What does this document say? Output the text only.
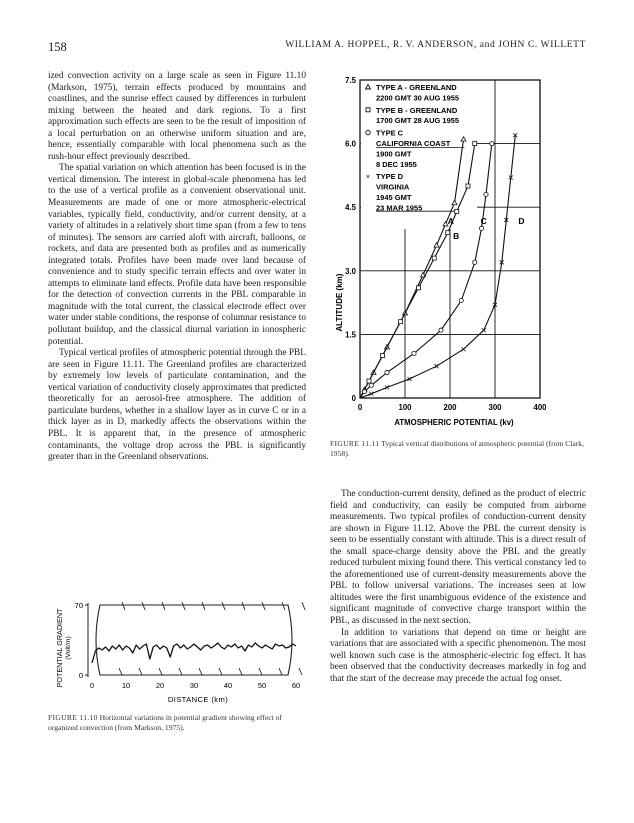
158	WILLIAM A. HOPPEL, R. V. ANDERSON, and JOHN C. WILLETT

ized convection activity on a large scale as seen in Figure 11.10 (Markson, 1975), terrain effects produced by mountains and coastlines, and the sunrise effect caused by differences in turbulent mixing between the heated and dark regions. To a first approximation such effects are seen to be the result of imposition of a local perturbation on an otherwise uniform situation and are, hence, essentially comparable with local phenomena such as the rush-hour effect previously described.

The spatial variation on which attention has been focused is in the vertical dimension. The interest in global-scale phenomena has led to the use of a vertical profile as a convenient observational unit. Measurements are made of one or more atmospheric-electrical variables, typically field, conductivity, and/or current density, at a variety of altitudes in a relatively short time span (from a few to tens of minutes). The sensors are carried aloft with aircraft, balloons, or rockets, and data are presented both as profiles and as numerically integrated totals. Profiles have been made over land because of convenience and to study specific terrain effects and over water in attempts to eliminate land effects. Profile data have been responsible for the detection of convection currents in the PBL comparable in magnitude with the total current, the classical electrode effect over water under stable conditions, the response of columnar resistance to pollutant buildup, and the classical diurnal variation in ionospheric potential.

Typical vertical profiles of atmospheric potential through the PBL are seen in Figure 11.11. The Greenland profiles are characterized by extremely low levels of particulate contamination, and the vertical variation of conductivity closely approximates that predicted theoretically for an aerosol-free atmosphere. The addition of particulate burdens, whether in a shallow layer as in curve C or in a thick layer as in D, markedly affects the observations within the PBL. It is apparent that, in the presence of atmospheric contaminants, the voltage drop across the PBL is significantly greater than in the Greenland observations.

0
70
POTENTIAL GRADIENT (Volt/m)
0	10	20	30	40	50	60
DISTANCE (km)
FIGURE 11.10 Horizontal variations in potential gradient showing effect of organized convection (from Markson, 1975).
0
1.5
3.0
4.5
6.0
7.5
0	100	200	300	400
ATMOSPHERIC POTENTIAL (kv)
ALTITUDE (km)
TYPE A - GREENLAND
2200 GMT 30 AUG 1955
TYPE B - GREENLAND
1700 GMT 28 AUG 1955
TYPE C
CALIFORNIA COAST
1900 GMT
8 DEC 1955
× TYPE D
VIRGINIA
1945 GMT
23 MAR 1955
A
B
C	D
FIGURE 11.11 Typical vertical distributions of atmospheric potential (from Clark, 1958).

The conduction-current density, defined as the product of electric field and conductivity, can easily be computed from airborne measurements. Two typical profiles of conduction-current density are shown in Figure 11.12. Above the PBL the current density is seen to be essentially constant with altitude. This is a direct result of the small space-charge density above the PBL and the greatly reduced turbulent mixing found there. This vertical constancy led to the aforementioned use of current-density measurements above the PBL to follow universal variations. The increases seen at low altitudes were the first unambiguous evidence of the existence and significant magnitude of convective charge transport within the PBL, as discussed in the next section.

In addition to variations that depend on time or height are variations that are associated with a specific phenomenon. The most well known such case is the atmospheric-electric fog effect. It has been observed that the conductivity decreases markedly in fog and that the start of the decrease may precede the actual fog onset.
